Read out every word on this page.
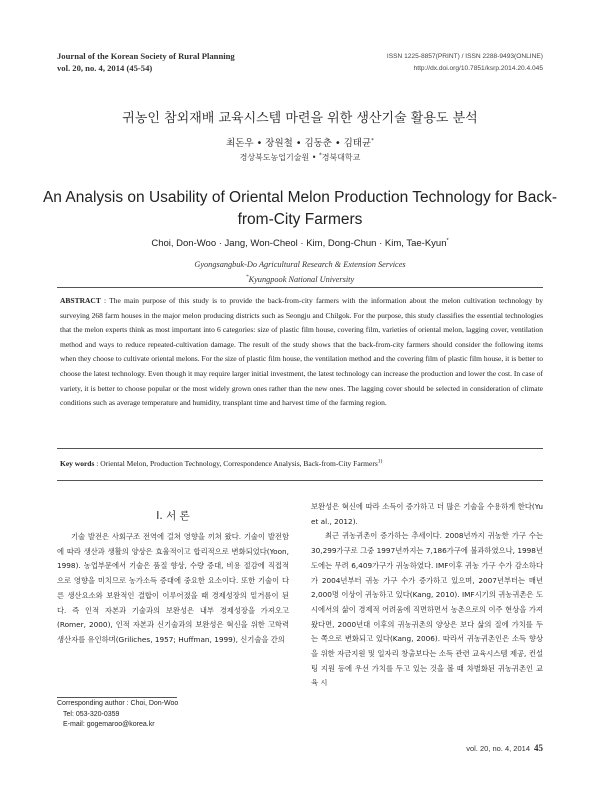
Journal of the Korean Society of Rural Planning
vol. 20, no. 4, 2014 (45-54)
ISSN 1225-8857(PRINT) / ISSN 2288-9493(ONLINE)
http://dx.doi.org/10.7851/ksrp.2014.20.4.045
귀농인 참외재배 교육시스템 마련을 위한 생산기술 활용도 분석
최돈우 • 장원철 • 김동춘 • 김태균*
경상북도농업기술원 • *경북대학교
An Analysis on Usability of Oriental Melon Production Technology for Back-from-City Farmers
Choi, Don-Woo · Jang, Won-Cheol · Kim, Dong-Chun · Kim, Tae-Kyun*
Gyongsangbuk-Do Agricultural Research & Extension Services
*Kyungpook National University
ABSTRACT : The main purpose of this study is to provide the back-from-city farmers with the information about the melon cultivation technology by surveying 268 farm houses in the major melon producing districts such as Seongju and Chilgok. For the purpose, this study classifies the essential technologies that the melon experts think as most important into 6 categories: size of plastic film house, covering film, varieties of oriental melon, lagging cover, ventilation method and ways to reduce repeated-cultivation damage. The result of the study shows that the back-from-city farmers should consider the following items when they choose to cultivate oriental melons. For the size of plastic film house, the ventilation method and the covering film of plastic film house, it is better to choose the latest technology. Even though it may require larger initial investment, the latest technology can increase the production and lower the cost. In case of variety, it is better to choose popular or the most widely grown ones rather than the new ones. The lagging cover should be selected in consideration of climate conditions such as average temperature and humidity, transplant time and harvest time of the farming region.
Key words : Oriental Melon, Production Technology, Correspondence Analysis, Back-from-City Farmers$^{1)}$
I. 서 론

기술 발전은 사회구조 전역에 걸쳐 영향을 끼쳐 왔다. 기술이 발전함에 따라 생산과 생활의 양상은 효율적이고 합리적으로 변화되었다(Yoon, 1998). 농업부문에서 기술은 품질 향상, 수량 증대, 비용 절감에 직접적으로 영향을 미치므로 농가소득 증대에 중요한 요소이다. 또한 기술이 다른 생산요소와 보완적인 결합이 이루어졌을 때 경제성장의 밑거름이 된다. 즉 인적 자본과 기술과의 보완성은 내부 경제성장을 가져오고(Romer, 2000), 인적 자본과 신기술과의 보완성은 혁신을 위한 고학력 생산자를 유인하며(Griliches, 1957; Huffman, 1999), 신기술을 간의

보완성은 혁신에 따라 소득이 증가하고 더 많은 기술을 수용하게 한다(Yu et al., 2012).

최근 귀농귀촌이 증가하는 추세이다. 2008년까지 귀농한 가구 수는 30,299가구로 그중 1997년까지는 7,186가구에 불과하였으나, 1998년도에는 무려 6,409가구가 귀농하였다. IMF이후 귀농 가구 수가 감소하다가 2004년부터 귀농 가구 수가 증가하고 있으며, 2007년부터는 매년 2,000명 이상이 귀농하고 있다(Kang, 2010). IMF시기의 귀농귀촌은 도시에서의 삶이 경제적 어려움에 직면하면서 농촌으로의 이주 현상을 가져왔다면, 2000년대 이후의 귀농귀촌의 양상은 보다 삶의 질에 가치를 두는 쪽으로 변화되고 있다(Kang, 2006). 따라서 귀농귀촌인은 소득 향상을 위한 자금지원 및 일자리 창출보다는 소득 관련 교육시스템 제공, 컨설팅 지원 등에 우선 가치를 두고 있는 것을 볼 때 차별화된 귀농귀촌인 교육 시

Corresponding author : Choi, Don-Woo
Tel: 053-320-0359
E-mail: gogemaroo@korea.kr
vol. 20, no. 4, 2014 45
